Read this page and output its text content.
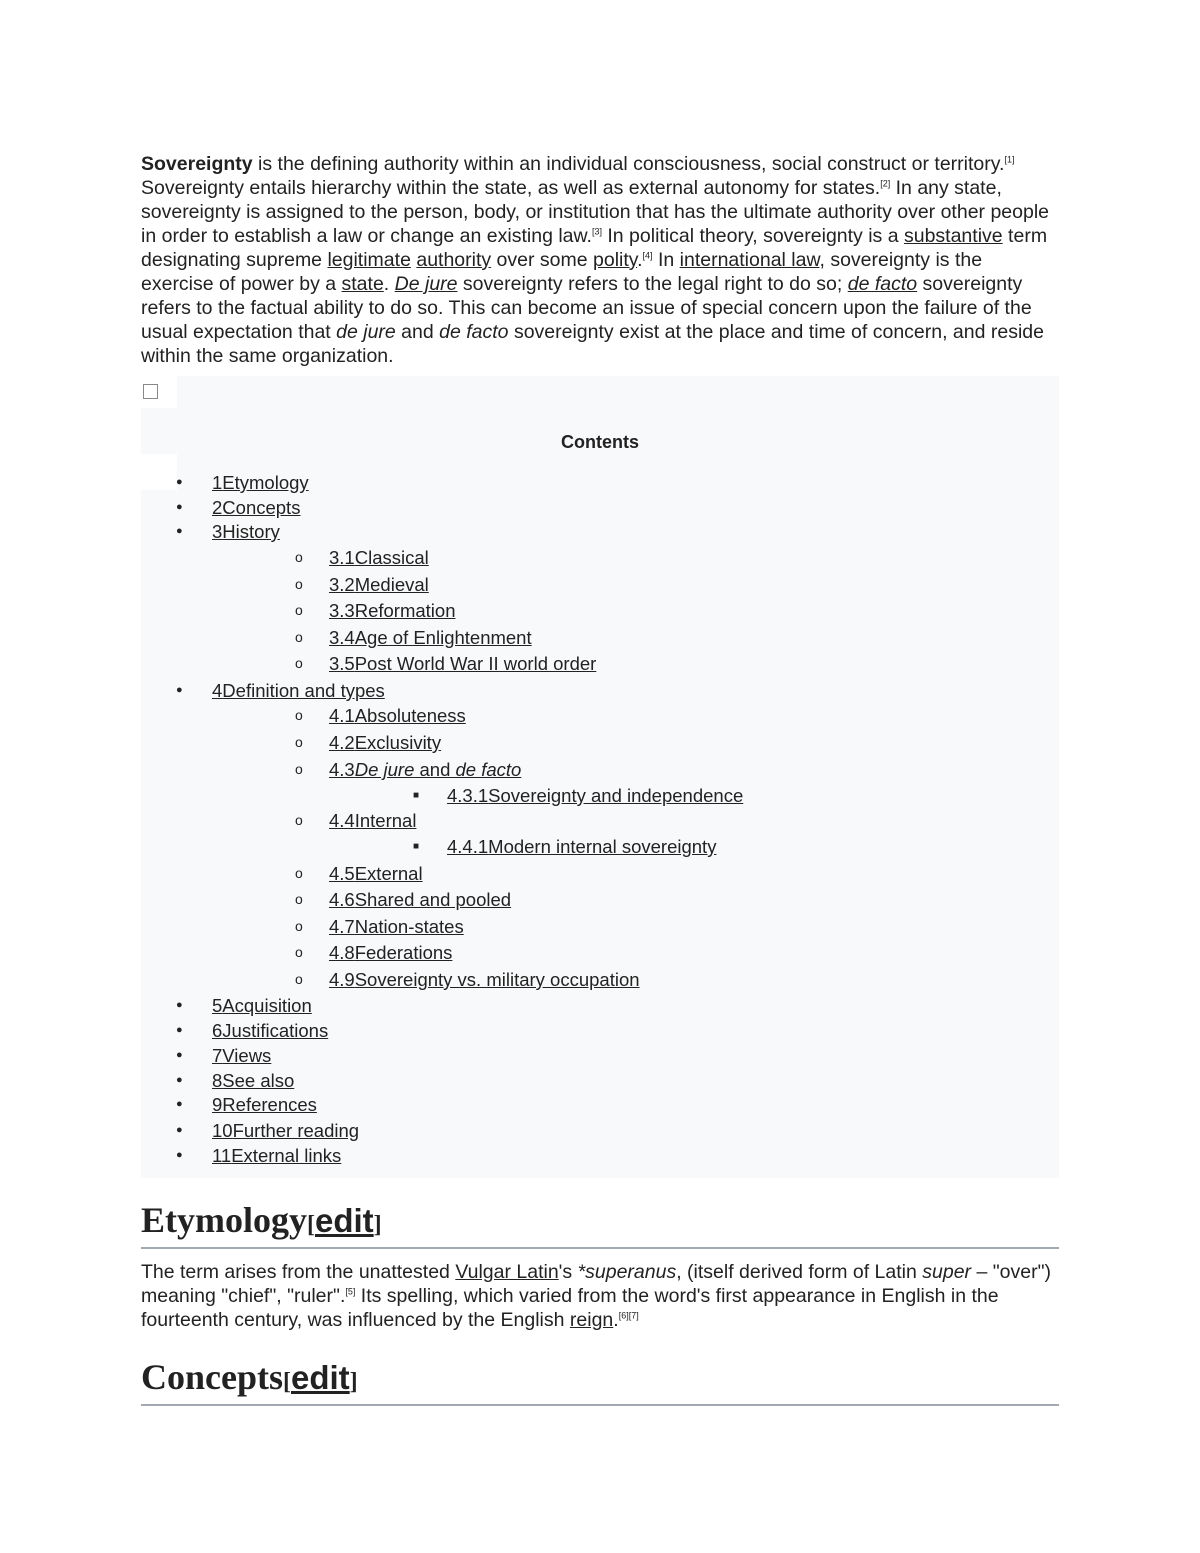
Sovereignty is the defining authority within an individual consciousness, social construct or territory.[1] Sovereignty entails hierarchy within the state, as well as external autonomy for states.[2] In any state, sovereignty is assigned to the person, body, or institution that has the ultimate authority over other people in order to establish a law or change an existing law.[3] In political theory, sovereignty is a substantive term designating supreme legitimate authority over some polity.[4] In international law, sovereignty is the exercise of power by a state. De jure sovereignty refers to the legal right to do so; de facto sovereignty refers to the factual ability to do so. This can become an issue of special concern upon the failure of the usual expectation that de jure and de facto sovereignty exist at the place and time of concern, and reside within the same organization.

Contents
● 1Etymology
● 2Concepts
● 3History
o 3.1Classical
o 3.2Medieval
o 3.3Reformation
o 3.4Age of Enlightenment
o 3.5Post World War II world order
● 4Definition and types
o 4.1Absoluteness
o 4.2Exclusivity
o 4.3De jure and de facto
■ 4.3.1Sovereignty and independence
o 4.4Internal
■ 4.4.1Modern internal sovereignty
o 4.5External
o 4.6Shared and pooled
o 4.7Nation-states
o 4.8Federations
o 4.9Sovereignty vs. military occupation
● 5Acquisition
● 6Justifications
● 7Views
● 8See also
● 9References
● 10Further reading
● 11External links
Etymology[edit]

The term arises from the unattested Vulgar Latin's *superanus, (itself derived form of Latin super – "over") meaning "chief", "ruler".[5] Its spelling, which varied from the word's first appearance in English in the fourteenth century, was influenced by the English reign.[6][7]

Concepts[edit]
